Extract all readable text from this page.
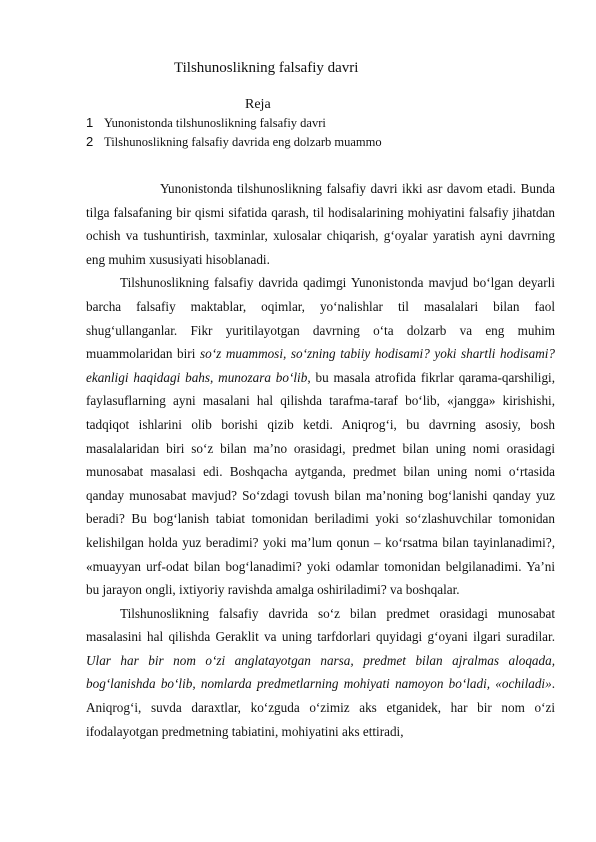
Tilshunoslikning falsafiy davri
Reja
1 Yunonistonda tilshunoslikning falsafiy davri
2 Tilshunoslikning falsafiy davrida eng dolzarb muammo

Yunonistonda tilshunoslikning falsafiy davri ikki asr davom etadi. Bunda tilga falsafaning bir qismi sifatida qarash, til hodisalarining mohiyatini falsafiy jihatdan ochish va tushuntirish, taxminlar, xulosalar chiqarish, g‘oyalar yaratish ayni davrning eng muhim xususiyati hisoblanadi.

Tilshunoslikning falsafiy davrida qadimgi Yunonistonda mavjud bo‘lgan deyarli barcha falsafiy maktablar, oqimlar, yo‘nalishlar til masalalari bilan faol shug‘ullanganlar. Fikr yuritilayotgan davrning o‘ta dolzarb va eng muhim muammolaridan biri so‘z muammosi, so‘zning tabiiy hodisami? yoki shartli hodisami? ekanligi haqidagi bahs, munozara bo‘lib, bu masala atrofida fikrlar qarama-qarshiligi, faylasuflarning ayni masalani hal qilishda tarafma-taraf bo‘lib, «jangga» kirishishi, tadqiqot ishlarini olib borishi qizib ketdi. Aniqrog‘i, bu davrning asosiy, bosh masalalaridan biri so‘z bilan ma’no orasidagi, predmet bilan uning nomi orasidagi munosabat masalasi edi. Boshqacha aytganda, predmet bilan uning nomi o‘rtasida qanday munosabat mavjud? So‘zdagi tovush bilan ma’noning bog‘lanishi qanday yuz beradi? Bu bog‘lanish tabiat tomonidan beriladimi yoki so‘zlashuvchilar tomonidan kelishilgan holda yuz beradimi? yoki ma’lum qonun – ko‘rsatma bilan tayinlanadimi?, «muayyan urf-odat bilan bog‘lanadimi? yoki odamlar tomonidan belgilanadimi. Ya’ni bu jarayon ongli, ixtiyoriy ravishda amalga oshiriladimi? va boshqalar.

Tilshunoslikning falsafiy davrida so‘z bilan predmet orasidagi munosabat masalasini hal qilishda Geraklit va uning tarfdorlari quyidagi g‘oyani ilgari suradilar. Ular har bir nom o‘zi anglatayotgan narsa, predmet bilan ajralmas aloqada, bog‘lanishda bo‘lib, nomlarda predmetlarning mohiyati namoyon bo‘ladi, «ochiladi». Aniqrog‘i, suvda daraxtlar, ko‘zguda o‘zimiz aks etganidek, har bir nom o‘zi ifodalayotgan predmetning tabiatini, mohiyatini aks ettiradi,
